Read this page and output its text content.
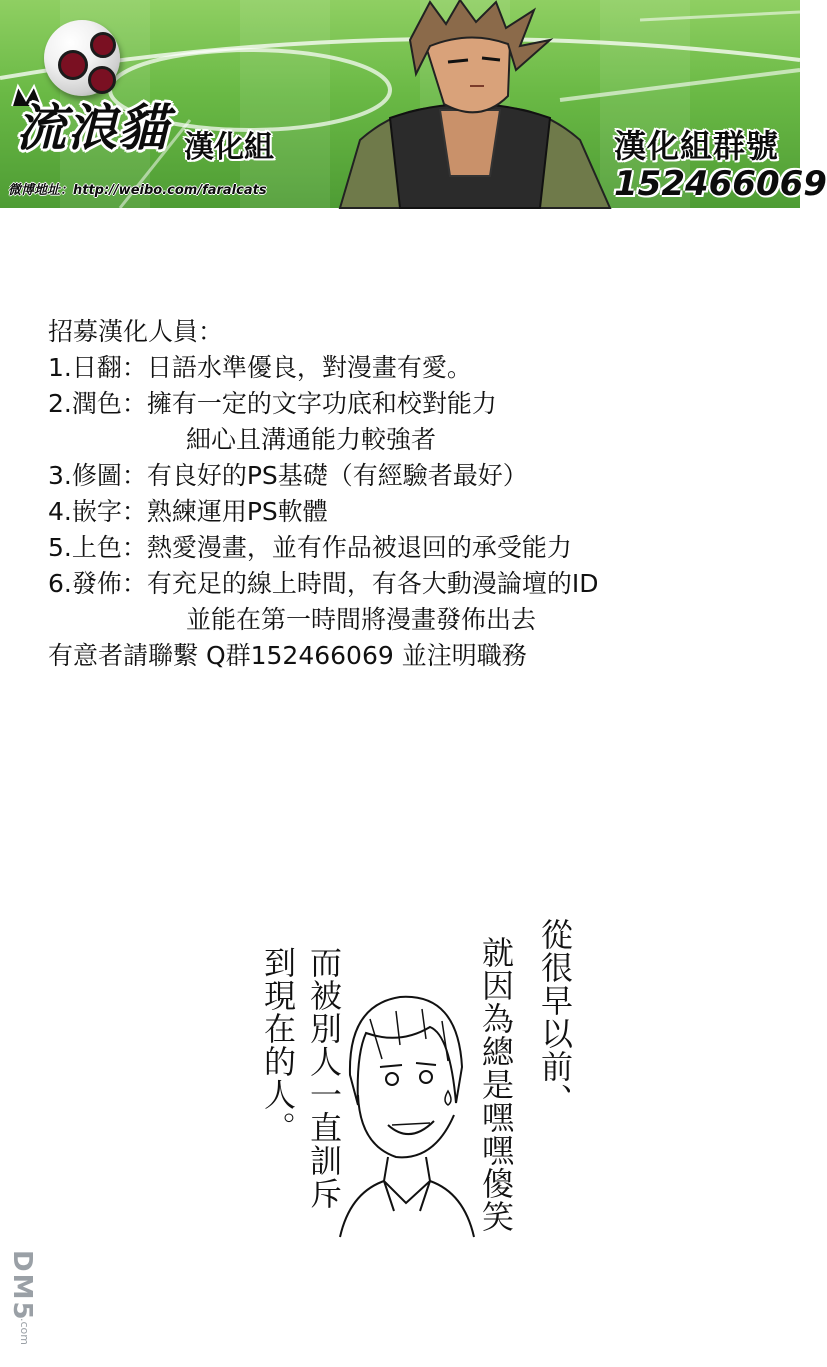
流浪貓 漢化組
微博地址：http://weibo.com/faralcats
漢化組群號
152466069
招募漢化人員：
1.日翻：日語水準優良，對漫畫有愛。
2.潤色：擁有一定的文字功底和校對能力
細心且溝通能力較強者
3.修圖：有良好的PS基礎（有經驗者最好）
4.嵌字：熟練運用PS軟體
5.上色：熱愛漫畫，並有作品被退回的承受能力
6.發佈：有充足的線上時間，有各大動漫論壇的ID
並能在第一時間將漫畫發佈出去
有意者請聯繫 Q群152466069 並注明職務
從很早以前、
就因為總是嘿嘿傻笑
而被別人一直訓斥
到現在的人。
DM5
.com
